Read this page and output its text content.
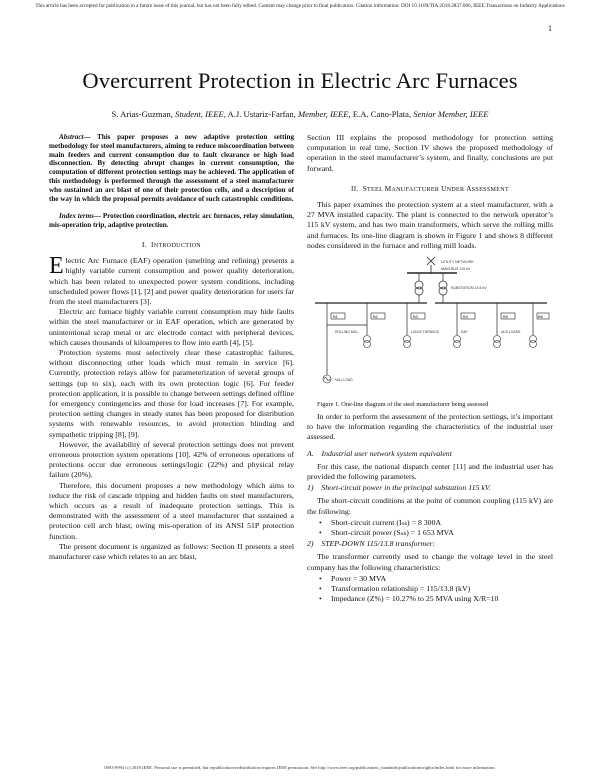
This article has been accepted for publication in a future issue of this journal, but has not been fully edited. Content may change prior to final publication. Citation information: DOI 10.1109/TIA.2018.2837.006, IEEE Transactions on Industry Applications
1
Overcurrent Protection in Electric Arc Furnaces
S. Arias-Guzman, Student, IEEE, A.J. Ustariz-Farfan, Member, IEEE, E.A. Cano-Plata, Senior Member, IEEE

Abstract— This paper proposes a new adaptive protection setting methodology for steel manufacturers, aiming to reduce miscoordination between main feeders and current consumption due to fault clearance or high load disconnection. By detecting abrupt changes in current consumption, the computation of different protection settings may be achieved. The application of this methodology is performed through the assessment of a steel manufacturer who sustained an arc blast of one of their protection cells, and a description of the way in which the proposal permits avoidance of such catastrophic conditions.

Index terms— Protection coordination, electric arc furnaces, relay simulation, mis-operation trip, adaptive protection.

I. INTRODUCTION

Electric Arc Furnace (EAF) operation (smelting and refining) presents a highly variable current consumption and power quality deterioration, which has been related to unexpected power system conditions, including unscheduled power flows [1], [2] and power quality deterioration for users far from the steel manufacturers [3].

Electric arc furnace highly variable current consumption may hide faults within the steel manufacturer or in EAF operation, which are generated by unintentional scrap metal or arc electrode contact with peripheral devices, which causes thousands of kiloamperes to flow into earth [4], [5].

Protection systems must selectively clear these catastrophic failures, without disconnecting other loads which must remain in service [6]. Currently, protection relays allow for parameterization of several groups of settings (up to six), each with its own protection logic [6]. For feeder protection application, it is possible to change between settings defined offline for emergency contingencies and those for load increases [7]. For example, protection setting changes in steady states has been proposed for distribution systems with renewable resources, to avoid protection blinding and sympathetic tripping [8], [9].

However, the availability of several protection settings does not prevent erroneous protection system operations [10]. 42% of erroneous operations of protections occur due erroneous settings/logic (22%) and physical relay failure (20%).

Therefore, this document proposes a new methodology which aims to reduce the risk of cascade tripping and hidden faults on steel manufacturers, which occurs as a result of inadequate protection settings. This is demonstrated with the assessment of a steel manufacturer that sustained a protection cell arch blast, owing mis-operation of its ANSI 51P protection function.

The present document is organized as follows: Section II presents a steel manufacturer case which relates to an arc blast,

Section III explains the proposed methodology for protection setting computation in real time, Section IV shows the proposed methodology of operation in the steel manufacturer’s system, and finally, conclusions are put forward.

II. STEEL MANUFACTURER UNDER ASSESSMENT

This paper examines the protection system at a steel manufacturer, with a 27 MVA installed capacity. The plant is connected to the network operator’s 115 kV system, and has two main transformers, which serve the rolling mills and furnaces. Its one-line diagram is shown in Figure 1 and shows 8 different nodes considered in the furnace and rolling mill loads.

UTILITY NETWORK
MAIN BUS 115 kV
SUBSTATION 13.8 kV
B1	B2	B3	B4	B5	B6
ROLLING MILL	LADLE FURNACE	EAF	AUX LOADS
MILL LOAD

Figure 1. One-line diagram of the steel manufacturer being assessed

In order to perform the assessment of the protection settings, it’s important to have the information regarding the characteristics of the industrial user assessed.

A. Industrial user network system equivalent

For this case, the national dispatch center [11] and the industrial user has provided the following parameters.

1) Short-circuit power in the principal substation 115 kV.

The short-circuit conditions at the point of common coupling (115 kV) are the following:

• Short-circuit current (Iₛₖ) = 8 300A
• Short-circuit power (Sₛₖ) = 1 653 MVA
2) STEP-DOWN 115/13.8 transformer:

The transformer currently used to change the voltage level in the steel company has the following characteristics:

• Power = 30 MVA
• Transformation relationship = 115/13.8 (kV)
• Impedance (Z%) = 10.27% to 25 MVA using X/R=10
0093-9994 (c) 2018 IEEE. Personal use is permitted, but republication/redistribution requires IEEE permission. See http://www.ieee.org/publications_standards/publications/rights/index.html for more information.
